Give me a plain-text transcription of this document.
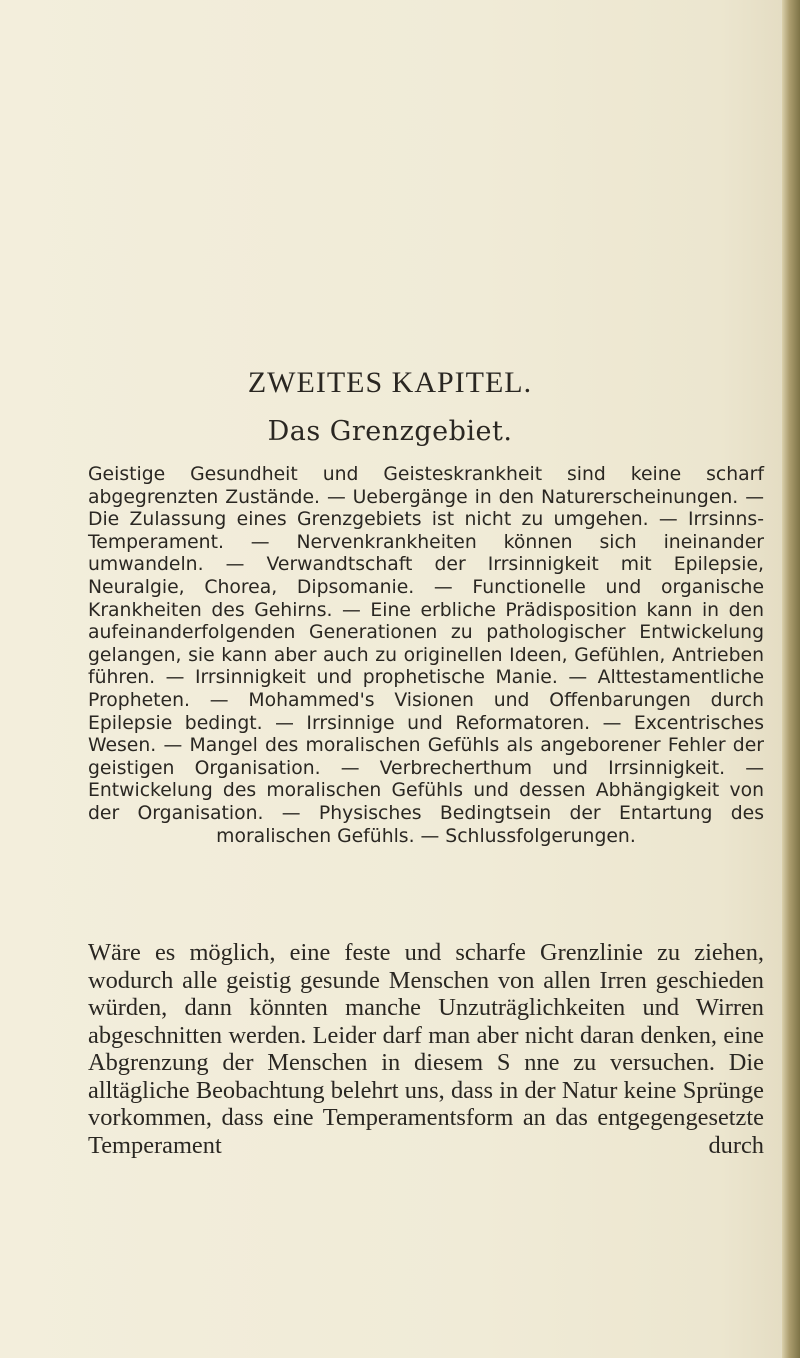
ZWEITES KAPITEL.
Das Grenzgebiet.

Geistige Gesundheit und Geisteskrankheit sind keine scharf abgegrenzten Zustände. — Uebergänge in den Naturerscheinungen. — Die Zulassung eines Grenzgebiets ist nicht zu umgehen. — Irrsinns-Temperament. — Nervenkrankheiten können sich ineinander umwandeln. — Verwandtschaft der Irrsinnigkeit mit Epilepsie, Neuralgie, Chorea, Dipsomanie. — Functionelle und organische Krankheiten des Gehirns. — Eine erbliche Prädisposition kann in den aufeinanderfolgenden Generationen zu pathologischer Entwickelung gelangen, sie kann aber auch zu originellen Ideen, Gefühlen, Antrieben führen. — Irrsinnigkeit und prophetische Manie. — Alttestamentliche Propheten. — Mohammed's Visionen und Offenbarungen durch Epilepsie bedingt. — Irrsinnige und Reformatoren. — Excentrisches Wesen. — Mangel des moralischen Gefühls als angeborener Fehler der geistigen Organisation. — Verbrecherthum und Irrsinnigkeit. — Entwickelung des moralischen Gefühls und dessen Abhängigkeit von der Organisation. — Physisches Bedingtsein der Entartung des moralischen Gefühls. — Schlussfolgerungen.

Wäre es möglich, eine feste und scharfe Grenzlinie zu ziehen, wodurch alle geistig gesunde Menschen von allen Irren geschieden würden, dann könnten manche Unzuträglichkeiten und Wirren abgeschnitten werden. Leider darf man aber nicht daran denken, eine Abgrenzung der Menschen in diesem S nne zu versuchen. Die alltägliche Beobachtung belehrt uns, dass in der Natur keine Sprünge vorkommen, dass eine Temperamentsform an das entgegengesetzte Temperament durch
